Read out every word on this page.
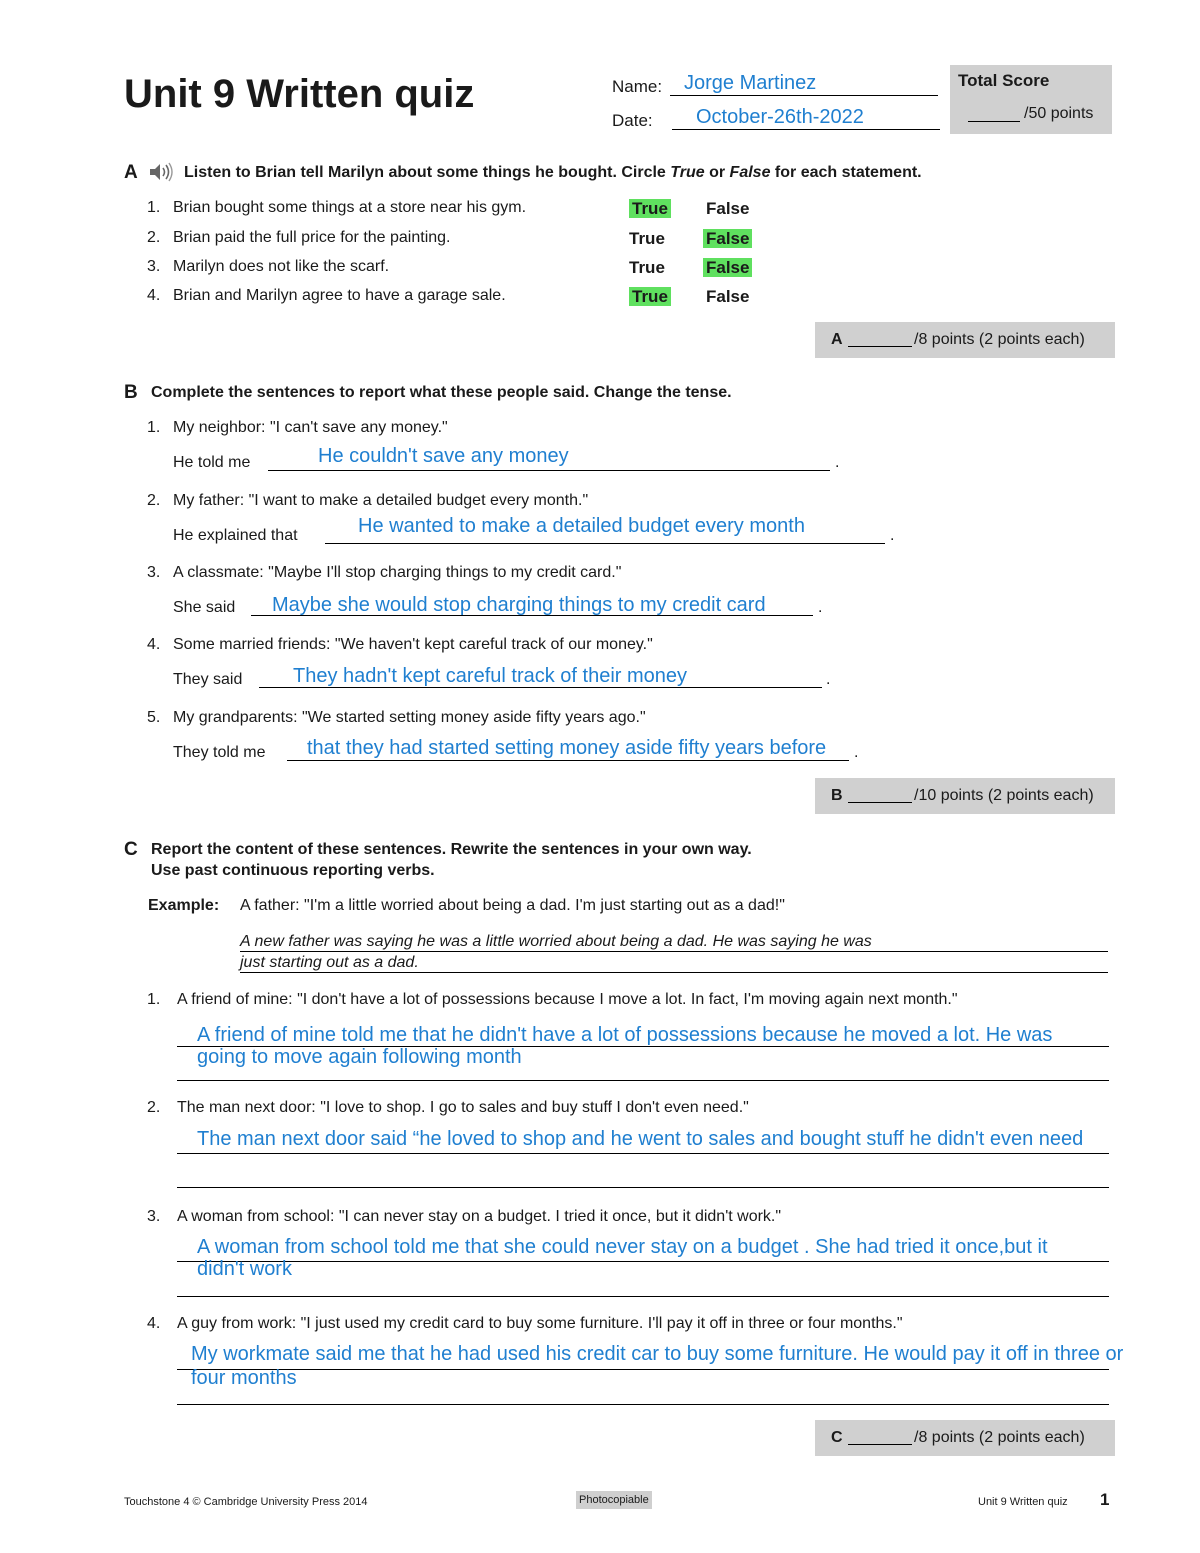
Unit 9 Written quiz	Name: Jorge Martinez
Date: October-26th-2022
Total Score
/50 points
A	Listen to Brian tell Marilyn about some things he bought. Circle True or False for each statement.
1. Brian bought some things at a store near his gym.	True False
2. Brian paid the full price for the painting.	True False
3. Marilyn does not like the scarf.	True False
4. Brian and Marilyn agree to have a garage sale.	True False
A	/8 points (2 points each)
B Complete the sentences to report what these people said. Change the tense.
1. My neighbor: "I can't save any money."
He told me	.
He couldn't save any money
2. My father: "I want to make a detailed budget every month."
He explained that	.
He wanted to make a detailed budget every month
3. A classmate: "Maybe I'll stop charging things to my credit card."
She said	.
Maybe she would stop charging things to my credit card
4. Some married friends: "We haven't kept careful track of our money."
They said	.
They hadn't kept careful track of their money
5. My grandparents: "We started setting money aside fifty years ago."
They told me	.
that they had started setting money aside fifty years before
B	/10 points (2 points each)
C Report the content of these sentences. Rewrite the sentences in your own way.
Use past continuous reporting verbs.
Example: A father: "I'm a little worried about being a dad. I'm just starting out as a dad!"
A new father was saying he was a little worried about being a dad. He was saying he was
just starting out as a dad.
1. A friend of mine: "I don't have a lot of possessions because I move a lot. In fact, I'm moving again next month."
A friend of mine told me that he didn't have a lot of possessions because he moved a lot. He was
going to move again following month
2. The man next door: "I love to shop. I go to sales and buy stuff I don't even need."
The man next door said “he loved to shop and he went to sales and bought stuff he didn't even need
3. A woman from school: "I can never stay on a budget. I tried it once, but it didn't work."
A woman from school told me that she could never stay on a budget . She had tried it once,but it
didn't work
4. A guy from work: "I just used my credit card to buy some furniture. I'll pay it off in three or four months."
My workmate said me that he had used his credit car to buy some furniture. He would pay it off in three or
four months
C	/8 points (2 points each)
Touchstone 4 © Cambridge University Press 2014	Photocopiable	Unit 9 Written quiz 1
